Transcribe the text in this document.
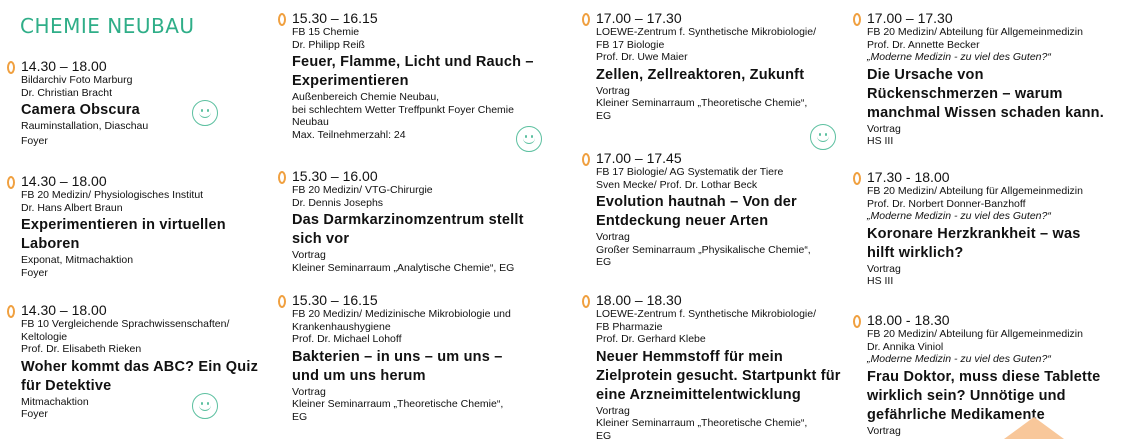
CHEMIE NEUBAU
14.30 – 18.00
Bildarchiv Foto Marburg
Dr. Christian Bracht
Camera Obscura
Rauminstallation, Diaschau
Foyer
14.30 – 18.00
FB 20 Medizin/ Physiologisches Institut
Dr. Hans Albert Braun
Experimentieren in virtuellen Laboren
Exponat, Mitmachaktion
Foyer
14.30 – 18.00
FB 10 Vergleichende Sprachwissenschaften/
Keltologie
Prof. Dr. Elisabeth Rieken
Woher kommt das ABC? Ein Quiz für Detektive
Mitmachaktion
Foyer
15.30 – 16.15
FB 15 Chemie
Dr. Philipp Reiß
Feuer, Flamme, Licht und Rauch – Experimentieren
Außenbereich Chemie Neubau,
bei schlechtem Wetter Treffpunkt Foyer Chemie
Neubau
Max. Teilnehmerzahl: 24
15.30 – 16.00
FB 20 Medizin/ VTG-Chirurgie
Dr. Dennis Josephs
Das Darmkarzinomzentrum stellt sich vor
Vortrag
Kleiner Seminarraum „Analytische Chemie“, EG
15.30 – 16.15
FB 20 Medizin/ Medizinische Mikrobiologie und
Krankenhaushygiene
Prof. Dr. Michael Lohoff
Bakterien – in uns – um uns – und um uns herum
Vortrag
Kleiner Seminarraum „Theoretische Chemie“,
EG
17.00 – 17.30
LOEWE-Zentrum f. Synthetische Mikrobiologie/
FB 17 Biologie
Prof. Dr. Uwe Maier
Zellen, Zellreaktoren, Zukunft
Vortrag
Kleiner Seminarraum „Theoretische Chemie“,
EG
17.00 – 17.45
FB 17 Biologie/ AG Systematik der Tiere
Sven Mecke/ Prof. Dr. Lothar Beck
Evolution hautnah – Von der Entdeckung neuer Arten
Vortrag
Großer Seminarraum „Physikalische Chemie“,
EG
18.00 – 18.30
LOEWE-Zentrum f. Synthetische Mikrobiologie/
FB Pharmazie
Prof. Dr. Gerhard Klebe
Neuer Hemmstoff für mein Zielprotein gesucht. Startpunkt für eine Arzneimittelentwicklung
Vortrag
Kleiner Seminarraum „Theoretische Chemie“,
EG
17.00 – 17.30
FB 20 Medizin/ Abteilung für Allgemeinmedizin
Prof. Dr. Annette Becker
„Moderne Medizin - zu viel des Guten?“
Die Ursache von Rückenschmerzen – warum manchmal Wissen schaden kann.
Vortrag
HS III
17.30 - 18.00
FB 20 Medizin/ Abteilung für Allgemeinmedizin
Prof. Dr. Norbert Donner-Banzhoff
„Moderne Medizin - zu viel des Guten?“
Koronare Herzkrankheit – was hilft wirklich?
Vortrag
HS III
18.00 - 18.30
FB 20 Medizin/ Abteilung für Allgemeinmedizin
Dr. Annika Viniol
„Moderne Medizin - zu viel des Guten?“
Frau Doktor, muss diese Tablette wirklich sein? Unnötige und gefährliche Medikamente
Vortrag
